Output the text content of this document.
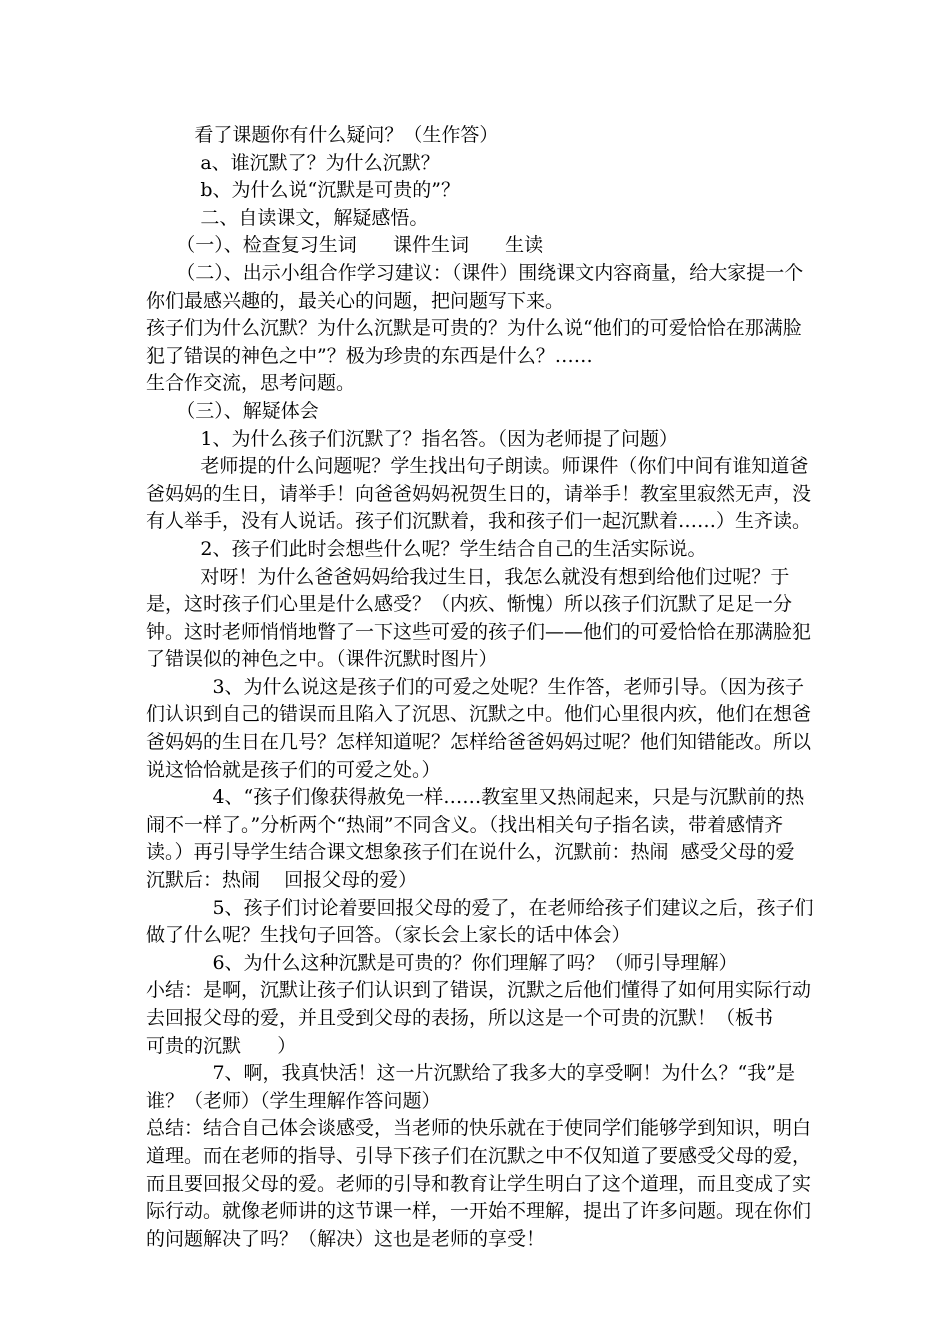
看了课题你有什么疑问？（生作答）

a、谁沉默了？为什么沉默？

b、为什么说“沉默是可贵的”？

二、自读课文，解疑感悟。

（一）、检查复习生词      课件生词      生读

（二）、出示小组合作学习建议：（课件）围绕课文内容商量，给大家提一个你们最感兴趣的，最关心的问题，把问题写下来。

孩子们为什么沉默？为什么沉默是可贵的？为什么说“他们的可爱恰恰在那满脸犯了错误的神色之中”？极为珍贵的东西是什么？……

生合作交流，思考问题。

（三）、解疑体会

1、为什么孩子们沉默了？指名答。（因为老师提了问题）

老师提的什么问题呢？学生找出句子朗读。师课件（你们中间有谁知道爸爸妈妈的生日，请举手！向爸爸妈妈祝贺生日的，请举手！教室里寂然无声，没有人举手，没有人说话。孩子们沉默着，我和孩子们一起沉默着……）生齐读。

2、孩子们此时会想些什么呢？学生结合自己的生活实际说。

对呀！为什么爸爸妈妈给我过生日，我怎么就没有想到给他们过呢？于是，这时孩子们心里是什么感受？（内疚、惭愧）所以孩子们沉默了足足一分钟。这时老师悄悄地瞥了一下这些可爱的孩子们——他们的可爱恰恰在那满脸犯了错误似的神色之中。（课件沉默时图片）

3、为什么说这是孩子们的可爱之处呢？生作答，老师引导。（因为孩子们认识到自己的错误而且陷入了沉思、沉默之中。他们心里很内疚，他们在想爸爸妈妈的生日在几号？怎样知道呢？怎样给爸爸妈妈过呢？他们知错能改。所以说这恰恰就是孩子们的可爱之处。）

4、“孩子们像获得赦免一样……教室里又热闹起来，只是与沉默前的热闹不一样了。”分析两个“热闹”不同含义。（找出相关句子指名读，带着感情齐读。）再引导学生结合课文想象孩子们在说什么，沉默前：热闹  感受父母的爱         沉默后：热闹    回报父母的爱）

5、孩子们讨论着要回报父母的爱了，在老师给孩子们建议之后，孩子们做了什么呢？生找句子回答。（家长会上家长的话中体会）

6、为什么这种沉默是可贵的？你们理解了吗？（师引导理解）

小结：是啊，沉默让孩子们认识到了错误，沉默之后他们懂得了如何用实际行动去回报父母的爱，并且受到父母的表扬，所以这是一个可贵的沉默！（板书     可贵的沉默      ）

7、啊，我真快活！这一片沉默给了我多大的享受啊！为什么？“我”是谁？（老师）（学生理解作答问题）

总结：结合自己体会谈感受，当老师的快乐就在于使同学们能够学到知识，明白道理。而在老师的指导、引导下孩子们在沉默之中不仅知道了要感受父母的爱，而且要回报父母的爱。老师的引导和教育让学生明白了这个道理，而且变成了实际行动。就像老师讲的这节课一样，一开始不理解，提出了许多问题。现在你们的问题解决了吗？（解决）这也是老师的享受！
